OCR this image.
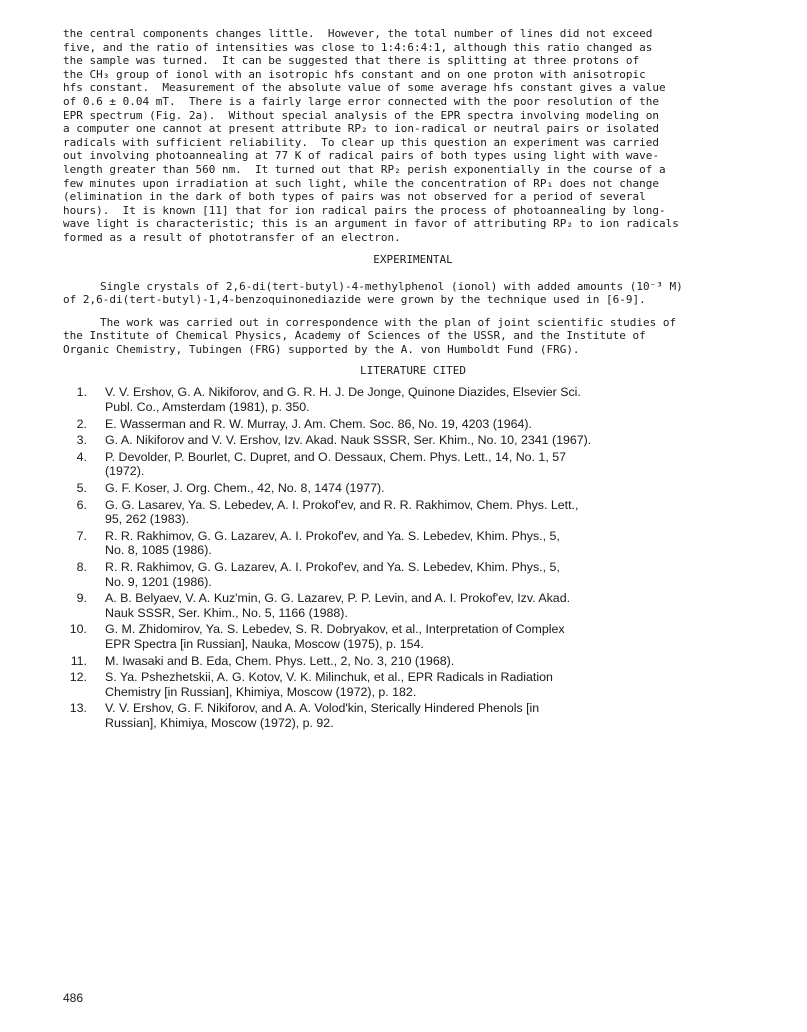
the central components changes little.  However, the total number of lines did not exceed
five, and the ratio of intensities was close to 1:4:6:4:1, although this ratio changed as
the sample was turned.  It can be suggested that there is splitting at three protons of
the CH₃ group of ionol with an isotropic hfs constant and on one proton with anisotropic
hfs constant.  Measurement of the absolute value of some average hfs constant gives a value
of 0.6 ± 0.04 mT.  There is a fairly large error connected with the poor resolution of the
EPR spectrum (Fig. 2a).  Without special analysis of the EPR spectra involving modeling on
a computer one cannot at present attribute RP₂ to ion-radical or neutral pairs or isolated
radicals with sufficient reliability.  To clear up this question an experiment was carried
out involving photoannealing at 77 K of radical pairs of both types using light with wave-
length greater than 560 nm.  It turned out that RP₂ perish exponentially in the course of a
few minutes upon irradiation at such light, while the concentration of RP₁ does not change
(elimination in the dark of both types of pairs was not observed for a period of several
hours).  It is known [11] that for ion radical pairs the process of photoannealing by long-
wave light is characteristic; this is an argument in favor of attributing RP₂ to ion radicals
formed as a result of phototransfer of an electron.
EXPERIMENTAL
Single crystals of 2,6-di(tert-butyl)-4-methylphenol (ionol) with added amounts (10⁻³ M)
of 2,6-di(tert-butyl)-1,4-benzoquinonediazide were grown by the technique used in [6-9].
The work was carried out in correspondence with the plan of joint scientific studies of
the Institute of Chemical Physics, Academy of Sciences of the USSR, and the Institute of
Organic Chemistry, Tubingen (FRG) supported by the A. von Humboldt Fund (FRG).
LITERATURE CITED
1. V. V. Ershov, G. A. Nikiforov, and G. R. H. J. De Jonge, Quinone Diazides, Elsevier Sci.
Publ. Co., Amsterdam (1981), p. 350.
2. E. Wasserman and R. W. Murray, J. Am. Chem. Soc. 86, No. 19, 4203 (1964).
3. G. A. Nikiforov and V. V. Ershov, Izv. Akad. Nauk SSSR, Ser. Khim., No. 10, 2341 (1967).
4. P. Devolder, P. Bourlet, C. Dupret, and O. Dessaux, Chem. Phys. Lett., 14, No. 1, 57
(1972).
5. G. F. Koser, J. Org. Chem., 42, No. 8, 1474 (1977).
6. G. G. Lasarev, Ya. S. Lebedev, A. I. Prokof'ev, and R. R. Rakhimov, Chem. Phys. Lett.,
95, 262 (1983).
7. R. R. Rakhimov, G. G. Lazarev, A. I. Prokof'ev, and Ya. S. Lebedev, Khim. Phys., 5,
No. 8, 1085 (1986).
8. R. R. Rakhimov, G. G. Lazarev, A. I. Prokof'ev, and Ya. S. Lebedev, Khim. Phys., 5,
No. 9, 1201 (1986).
9. A. B. Belyaev, V. A. Kuz'min, G. G. Lazarev, P. P. Levin, and A. I. Prokof'ev, Izv. Akad.
Nauk SSSR, Ser. Khim., No. 5, 1166 (1988).
10. G. M. Zhidomirov, Ya. S. Lebedev, S. R. Dobryakov, et al., Interpretation of Complex
EPR Spectra [in Russian], Nauka, Moscow (1975), p. 154.
11. M. Iwasaki and B. Eda, Chem. Phys. Lett., 2, No. 3, 210 (1968).
12. S. Ya. Pshezhetskii, A. G. Kotov, V. K. Milinchuk, et al., EPR Radicals in Radiation
Chemistry [in Russian], Khimiya, Moscow (1972), p. 182.
13. V. V. Ershov, G. F. Nikiforov, and A. A. Volod'kin, Sterically Hindered Phenols [in
Russian], Khimiya, Moscow (1972), p. 92.
486
